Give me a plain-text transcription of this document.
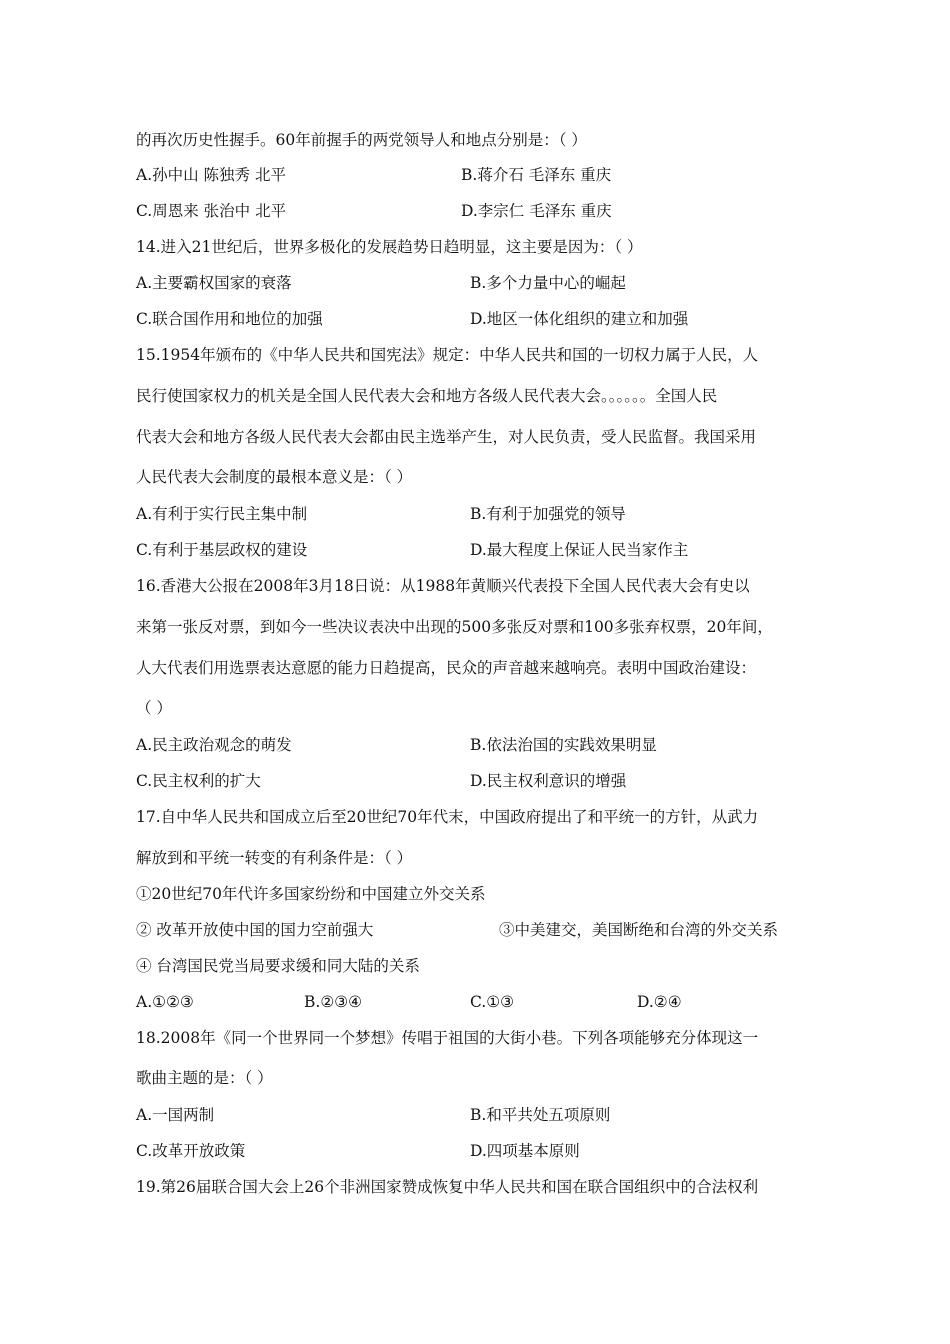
的再次历史性握手。60年前握手的两党领导人和地点分别是：（ ）
A.孙中山 陈独秀 北平	B.蒋介石 毛泽东 重庆
C.周恩来 张治中 北平	D.李宗仁 毛泽东 重庆
14.进入21世纪后，世界多极化的发展趋势日趋明显，这主要是因为：（ ）
A.主要霸权国家的衰落	B.多个力量中心的崛起
C.联合国作用和地位的加强	D.地区一体化组织的建立和加强
15.1954年颁布的《中华人民共和国宪法》规定：中华人民共和国的一切权力属于人民，人
民行使国家权力的机关是全国人民代表大会和地方各级人民代表大会。。。。。。全国人民
代表大会和地方各级人民代表大会都由民主选举产生，对人民负责，受人民监督。我国采用
人民代表大会制度的最根本意义是：（ ）
A.有利于实行民主集中制	B.有利于加强党的领导
C.有利于基层政权的建设	D.最大程度上保证人民当家作主
16.香港大公报在2008年3月18日说：从1988年黄顺兴代表投下全国人民代表大会有史以
来第一张反对票，到如今一些决议表决中出现的500多张反对票和100多张弃权票，20年间，
人大代表们用选票表达意愿的能力日趋提高，民众的声音越来越响亮。表明中国政治建设：
（ ）
A.民主政治观念的萌发	B.依法治国的实践效果明显
C.民主权利的扩大	D.民主权利意识的增强
17.自中华人民共和国成立后至20世纪70年代末，中国政府提出了和平统一的方针，从武力
解放到和平统一转变的有利条件是：（ ）
①20世纪70年代许多国家纷纷和中国建立外交关系
② 改革开放使中国的国力空前强大	③中美建交，美国断绝和台湾的外交关系
④ 台湾国民党当局要求缓和同大陆的关系
A.①②③	B.②③④	C.①③	D.②④
18.2008年《同一个世界同一个梦想》传唱于祖国的大街小巷。下列各项能够充分体现这一
歌曲主题的是：（ ）
A.一国两制	B.和平共处五项原则
C.改革开放政策	D.四项基本原则
19.第26届联合国大会上26个非洲国家赞成恢复中华人民共和国在联合国组织中的合法权利
